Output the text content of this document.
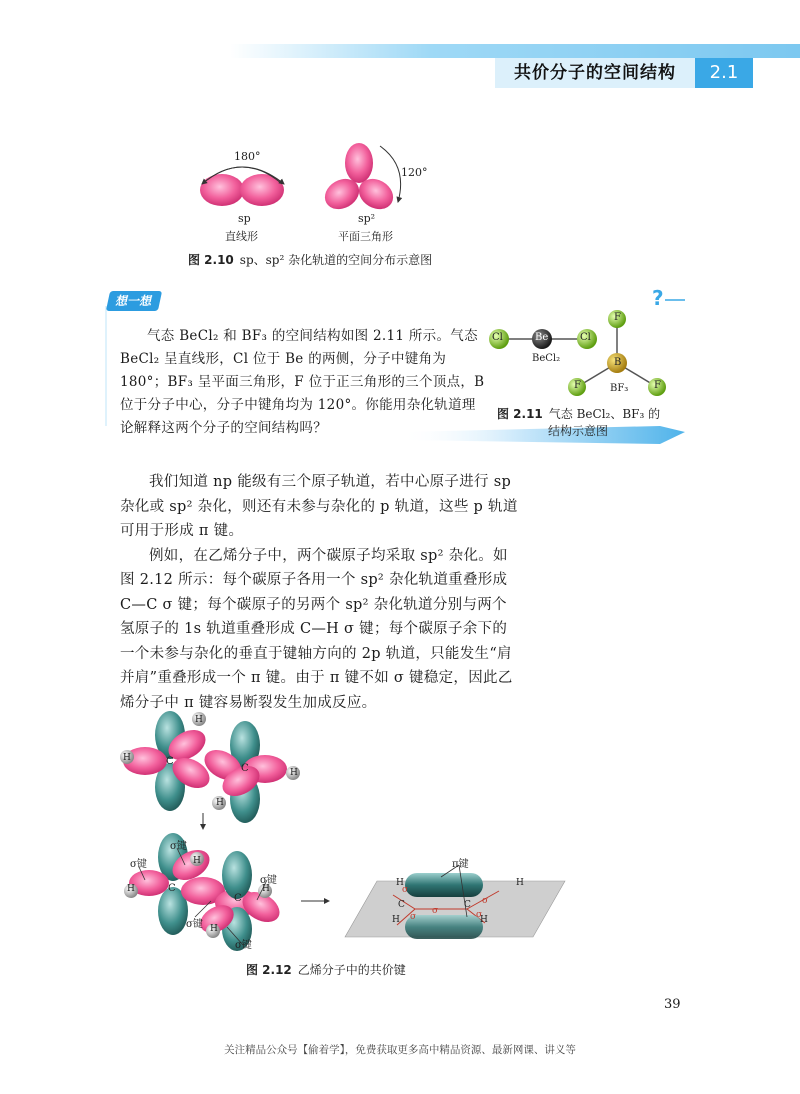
共价分子的空间结构	2.1
180°
120°
sp
直线形
sp²
平面三角形
图 2.10 sp、sp² 杂化轨道的空间分布示意图
想一想	?

气态 BeCl₂ 和 BF₃ 的空间结构如图 2.11 所示。气态 BeCl₂ 呈直线形，Cl 位于 Be 的两侧，分子中键角为 180°；BF₃ 呈平面三角形，F 位于正三角形的三个顶点，B 位于分子中心，分子中键角均为 120°。你能用杂化轨道理论解释这两个分子的空间结构吗？

Cl	Be	Cl
BeCl₂
F
B
F	F
BF₃
图 2.11 气态 BeCl₂、BF₃ 的
结构示意图

我们知道 np 能级有三个原子轨道，若中心原子进行 sp 杂化或 sp² 杂化，则还有未参与杂化的 p 轨道，这些 p 轨道可用于形成 π 键。

例如，在乙烯分子中，两个碳原子均采取 sp² 杂化。如图 2.12 所示：每个碳原子各用一个 sp² 杂化轨道重叠形成 C—C σ 键；每个碳原子的另两个 sp² 杂化轨道分别与两个氢原子的 1s 轨道重叠形成 C—H σ 键；每个碳原子余下的一个未参与杂化的垂直于键轴方向的 2p 轨道，只能发生“肩并肩”重叠形成一个 π 键。由于 π 键不如 σ 键稳定，因此乙烯分子中 π 键容易断裂发生加成反应。

H
H	C
C	H
H
σ键
σ键
σ键
σ键
σ键
H
H	H
H
C
C
π键
H	H
H	H
C	C
σ
σ
σ
σ	σ
图 2.12 乙烯分子中的共价键
39
关注精品公众号【偷着学】，免费获取更多高中精品资源、最新网课、讲义等
